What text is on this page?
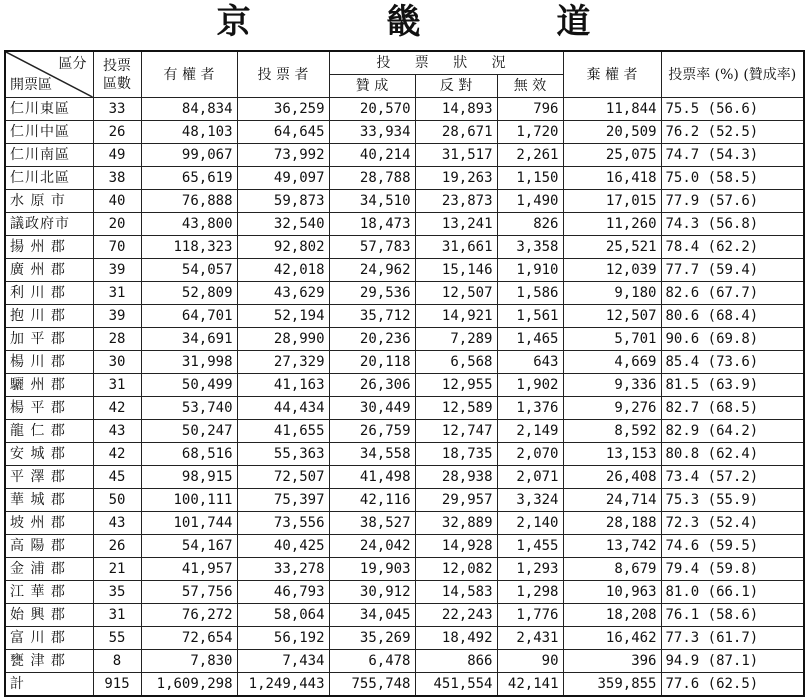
京 畿 道
區分
開票區	投票區數	有 權 者	投 票 者	投 票 狀 況			棄 權 者	投票率 (%) (贊成率)
				贊 成	反 對	無 效		
仁川東區	33	84,834	36,259	20,570	14,893	796	11,844	75.5 (56.6)
仁川中區	26	48,103	64,645	33,934	28,671	1,720	20,509	76.2 (52.5)
仁川南區	49	99,067	73,992	40,214	31,517	2,261	25,075	74.7 (54.3)
仁川北區	38	65,619	49,097	28,788	19,263	1,150	16,418	75.0 (58.5)
水 原 市	40	76,888	59,873	34,510	23,873	1,490	17,015	77.9 (57.6)
議政府市	20	43,800	32,540	18,473	13,241	826	11,260	74.3 (56.8)
揚 州 郡	70	118,323	92,802	57,783	31,661	3,358	25,521	78.4 (62.2)
廣 州 郡	39	54,057	42,018	24,962	15,146	1,910	12,039	77.7 (59.4)
利 川 郡	31	52,809	43,629	29,536	12,507	1,586	9,180	82.6 (67.7)
抱 川 郡	39	64,701	52,194	35,712	14,921	1,561	12,507	80.6 (68.4)
加 平 郡	28	34,691	28,990	20,236	7,289	1,465	5,701	90.6 (69.8)
楊 川 郡	30	31,998	27,329	20,118	6,568	643	4,669	85.4 (73.6)
驪 州 郡	31	50,499	41,163	26,306	12,955	1,902	9,336	81.5 (63.9)
楊 平 郡	42	53,740	44,434	30,449	12,589	1,376	9,276	82.7 (68.5)
龍 仁 郡	43	50,247	41,655	26,759	12,747	2,149	8,592	82.9 (64.2)
安 城 郡	42	68,516	55,363	34,558	18,735	2,070	13,153	80.8 (62.4)
平 澤 郡	45	98,915	72,507	41,498	28,938	2,071	26,408	73.4 (57.2)
華 城 郡	50	100,111	75,397	42,116	29,957	3,324	24,714	75.3 (55.9)
坡 州 郡	43	101,744	73,556	38,527	32,889	2,140	28,188	72.3 (52.4)
高 陽 郡	26	54,167	40,425	24,042	14,928	1,455	13,742	74.6 (59.5)
金 浦 郡	21	41,957	33,278	19,903	12,082	1,293	8,679	79.4 (59.8)
江 華 郡	35	57,756	46,793	30,912	14,583	1,298	10,963	81.0 (66.1)
始 興 郡	31	76,272	58,064	34,045	22,243	1,776	18,208	76.1 (58.6)
富 川 郡	55	72,654	56,192	35,269	18,492	2,431	16,462	77.3 (61.7)
甕 津 郡	8	7,830	7,434	6,478	866	90	396	94.9 (87.1)
計	915	1,609,298	1,249,443	755,748	451,554	42,141	359,855	77.6 (62.5)
